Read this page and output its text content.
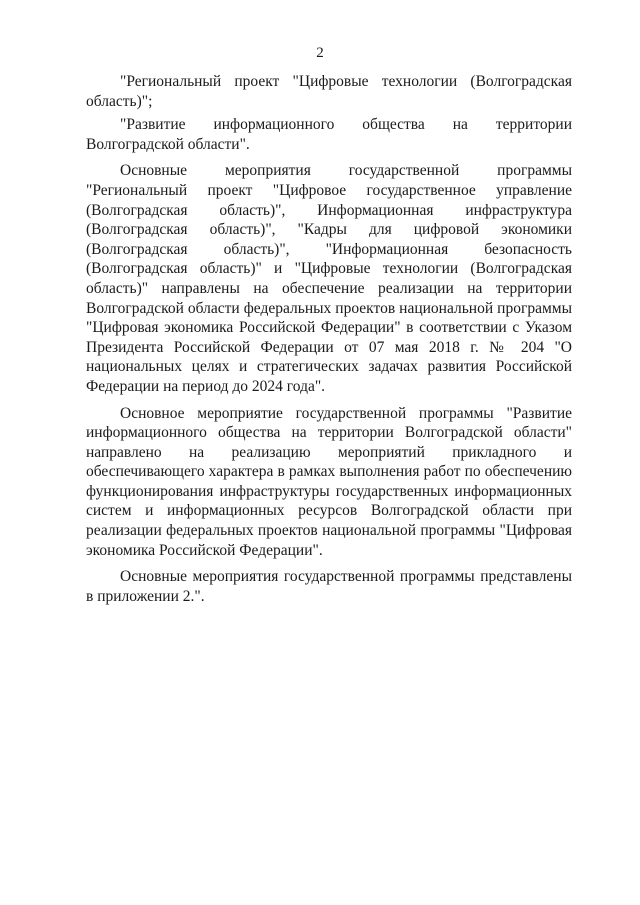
2

"Региональный проект "Цифровые технологии (Волгоградская область)";

"Развитие информационного общества на территории Волгоградской области".

Основные мероприятия государственной программы "Региональный проект "Цифровое государственное управление (Волгоградская область)", Информационная инфраструктура (Волгоградская область)", "Кадры для цифровой экономики (Волгоградская область)", "Информационная безопасность (Волгоградская область)" и "Цифровые технологии (Волгоградская область)" направлены на обеспечение реализации на территории Волгоградской области федеральных проектов национальной программы "Цифровая экономика Российской Федерации" в соответствии с Указом Президента Российской Федерации от 07 мая 2018 г. № 204 "О национальных целях и стратегических задачах развития Российской Федерации на период до 2024 года".

Основное мероприятие государственной программы "Развитие информационного общества на территории Волгоградской области" направлено на реализацию мероприятий прикладного и обеспечивающего характера в рамках выполнения работ по обеспечению функционирования инфраструктуры государственных информационных систем и информационных ресурсов Волгоградской области при реализации федеральных проектов национальной программы "Цифровая экономика Российской Федерации".

Основные мероприятия государственной программы представлены в приложении 2.".
